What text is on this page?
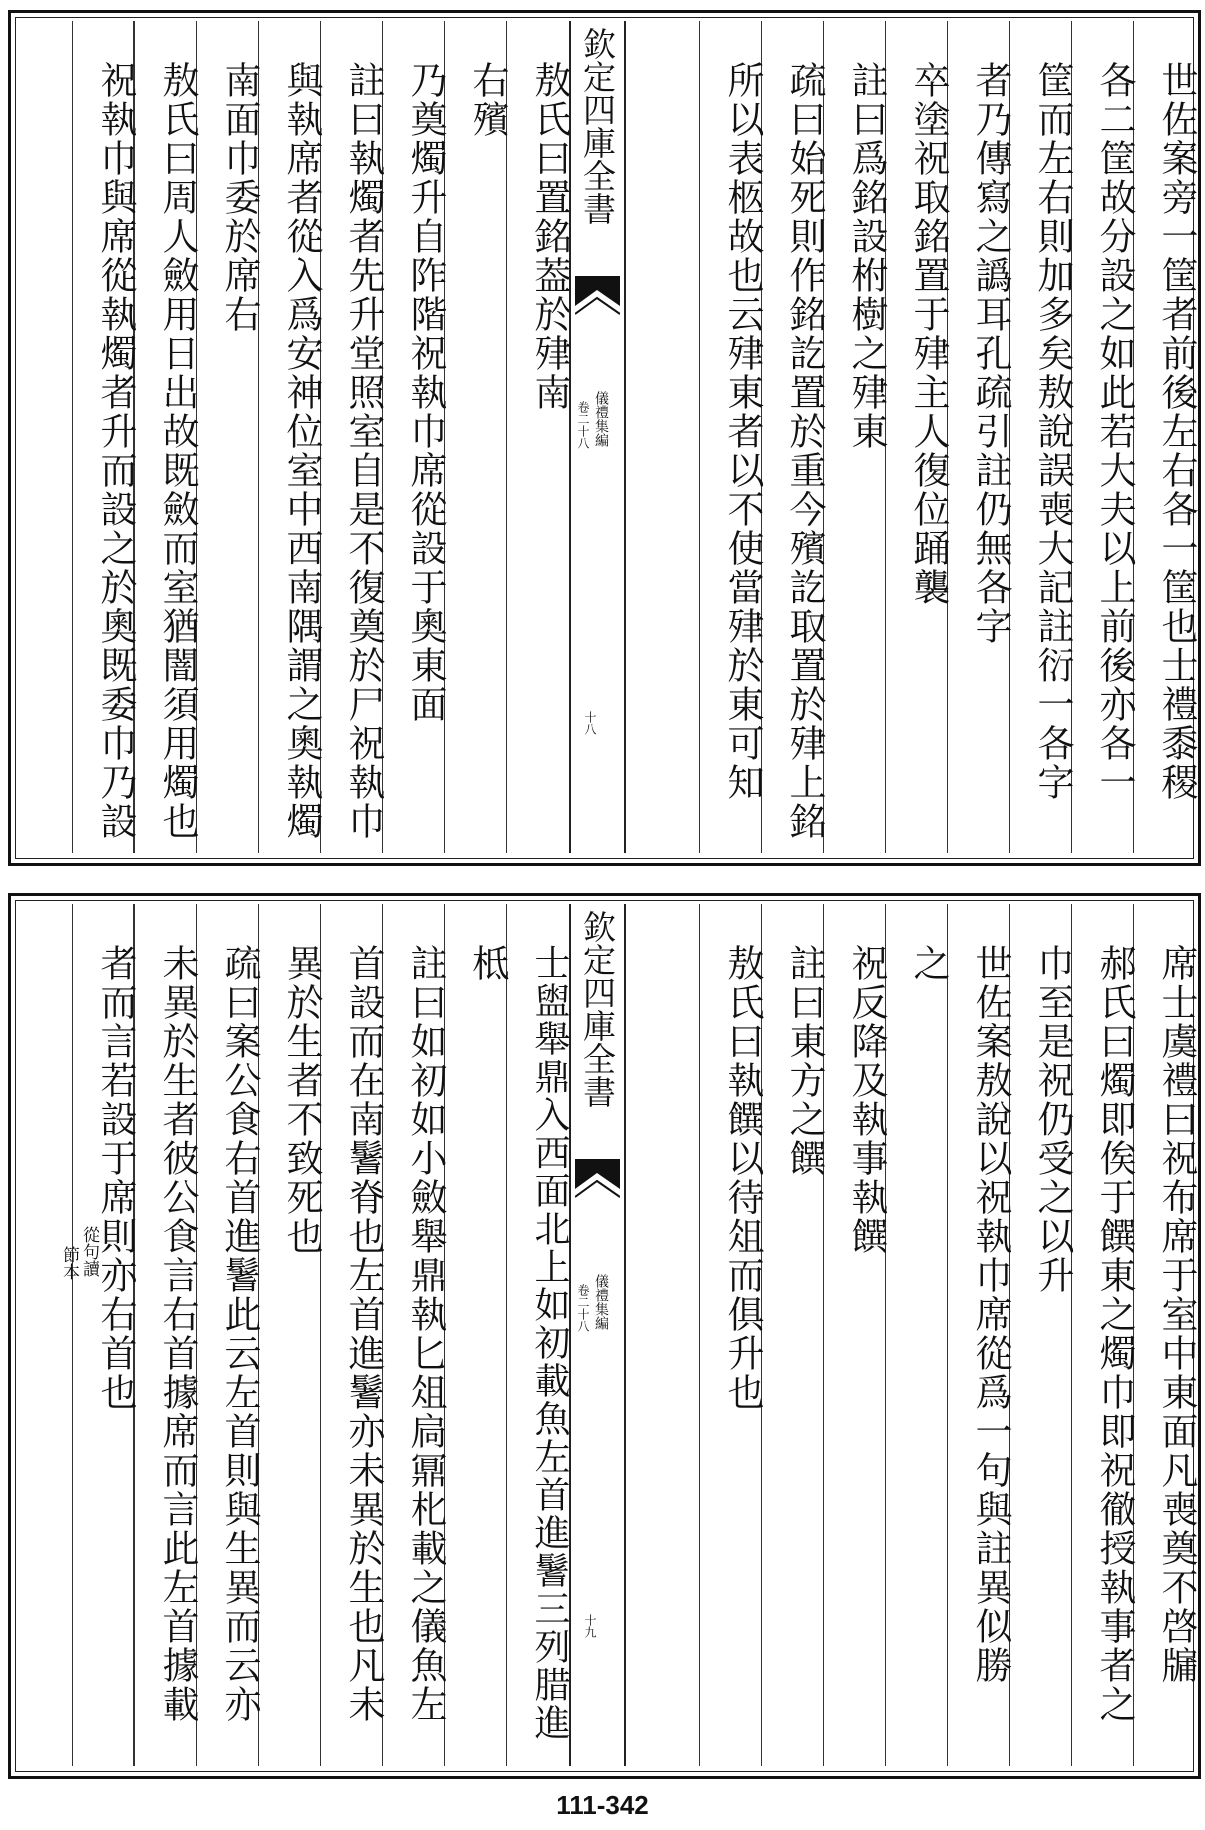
世佐案旁一筐者前後左右各一筐也士禮黍稷
各二筐故分設之如此若大夫以上前後亦各一
筐而左右則加多矣敖說誤喪大記註衍一各字
者乃傳寫之譌耳孔疏引註仍無各字
卒塗祝取銘置于肂主人復位踊襲
註曰爲銘設柎樹之肂東
疏曰始死則作銘訖置於重今殯訖取置於肂上銘
所以表柩故也云肂東者以不使當肂於東可知
敖氏曰置銘葢於肂南
右殯
乃奠燭升自阼階祝執巾席從設于奧東面
註曰執燭者先升堂照室自是不復奠於尸祝執巾
與執席者從入爲安神位室中西南隅謂之奧執燭
南面巾委於席右
敖氏曰周人斂用日出故既斂而室猶闇須用燭也
祝執巾與席從執燭者升而設之於奧既委巾乃設	欽定四庫全書
儀禮集編
卷二十八
十八
席士虞禮曰祝布席于室中東面凡喪奠不啓牖
郝氏曰燭即俟于饌東之燭巾即祝徹授執事者之
巾至是祝仍受之以升
世佐案敖說以祝執巾席從爲一句與註異似勝
之
祝反降及執事執饌
註曰東方之饌
敖氏曰執饌以待俎而俱升也
士盥舉鼎入西面北上如初載魚左首進鬐三列腊進
柢
註曰如初如小斂舉鼎執匕俎扃鼏朼載之儀魚左
首設而在南鬐脊也左首進鬐亦未異於生也凡未
異於生者不致死也
疏曰案公食右首進鬐此云左首則與生異而云亦
未異於生者彼公食言右首據席而言此左首據載
者而言若設于席則亦右首也	欽定四庫全書
儀禮集編
卷二十八
十九
從句讀
節本
111-342
